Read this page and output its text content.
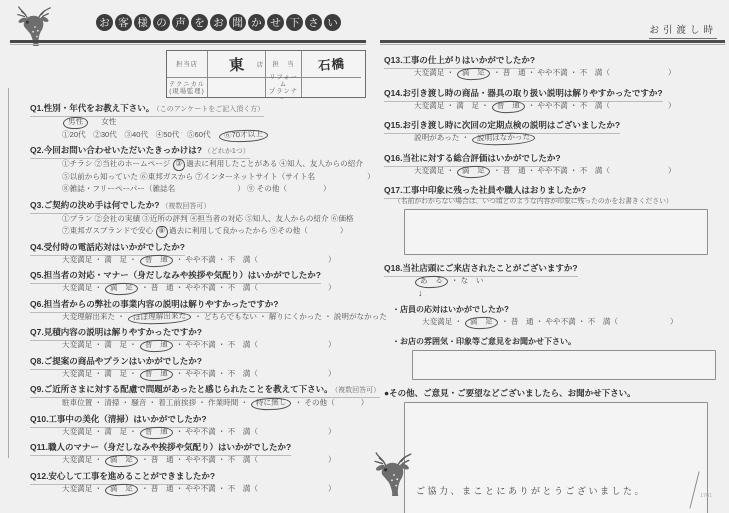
お 客 様 の 声 を お 聞 か せ 下 さ い
担当店 東 店 担　当 石橋
テクニカル
(現場監理)
リフォーム
プランナー
Q1.性別・年代をお教え下さい。 （このアンケートをご記入頂く方）
男性 女性
①20代　②30代　③40代　④50代　⑤60代　⑥70才以上
Q2.今回お問い合わせいただいたきっかけは? （どれか1つ）
①チラシ ②当社のホームページ ③ 過去に利用したことがある ④知人、友人からの紹介
⑤以前から知っていた ⑥東邦ガスから ⑦インターネットサイト（サイト名	）
⑧雑誌・フリーペーパー（雑誌名	） ⑨ その他（	）
Q3.ご契約の決め手は何でしたか? （複数回答可）
①プラン ②会社の実績 ③近所の評判 ④担当者の対応 ⑤知人、友人からの紹介 ⑥価格
⑦東邦ガスブランドで安心 ⑧ 過去に利用して良かったから ⑨その他（	）
Q4.受付時の電話応対はいかがでしたか?
大変満足 ・ 満　足 ・ 普　通 ・ やや不満 ・ 不　満（	）
Q5.担当者の対応・マナー（身だしなみや挨拶や気配り）はいかがでしたか?
大変満足 ・ 満　足 ・ 普　通 ・ やや不満 ・ 不　満（	）
Q6.担当者からの弊社の事業内容の説明は解りやすかったですか?
大変理解出来た ・ ほぼ理解出来た ・ どちらでもない ・ 解りにくかった ・ 説明がなかった
Q7.見積内容の説明は解りやすかったですか?
大変満足 ・ 満　足 ・ 普　通 ・ やや不満 ・ 不　満（	）
Q8.ご提案の商品やプランはいかがでしたか?
大変満足 ・ 満　足 ・ 普　通 ・ やや不満 ・ 不　満（	）
Q9.ご近所さまに対する配慮で問題があったと感じられたことを教えて下さい。 （複数回答可）
駐車位置 ・ 清掃 ・ 騒音 ・ 着工前挨拶 ・ 作業時間 ・ 特に無し ・ その他（	）
Q10.工事中の美化（清掃）はいかがでしたか?
大変満足 ・ 満　足 ・ 普　通 ・ やや不満 ・ 不　満（	）
Q11.職人のマナー（身だしなみや挨拶や気配り）はいかがでしたか?
大変満足 ・ 満　足 ・ 普　通 ・ やや不満 ・ 不　満（	）
Q12.安心して工事を進めることができましたか?
大変満足 ・ 満　足 ・ 普　通 ・ やや不満 ・ 不　満（	）
お引渡し時
Q13.工事の仕上がりはいかがでしたか?
大変満足 ・ 満　足 ・ 普　通 ・ やや不満 ・ 不　満（	）
Q14.お引き渡し時の商品・器具の取り扱い説明は解りやすかったですか?
大変満足 ・ 満　足 ・ 普　通 ・ やや不満 ・ 不　満（	）
Q15.お引き渡し時に次回の定期点検の説明はございましたか?
説明があった ・ 説明はなかった
Q16.当社に対する総合評価はいかがでしたか?
大変満足 ・ 満　足 ・ 普　通 ・ やや不満 ・ 不　満（	）
Q17.工事中印象に残った社員や職人はおりましたか?
（名前がわからない場合は、いつ頃どのような内容が印象に残ったのかをお書きください）
Q18.当社店頭にご来店されたことがございますか?
あ　る ・ な　い
↓
・店員の応対はいかがでしたか?
大変満足 ・ 満　足 ・ 普　通 ・ やや不満 ・ 不　満（	）
・お店の雰囲気・印象等ご意見をお聞かせ下さい。
●その他、ご意見・ご要望などございましたら、お聞かせ下さい。
ご協力、まことにありがとうございました。	1701
